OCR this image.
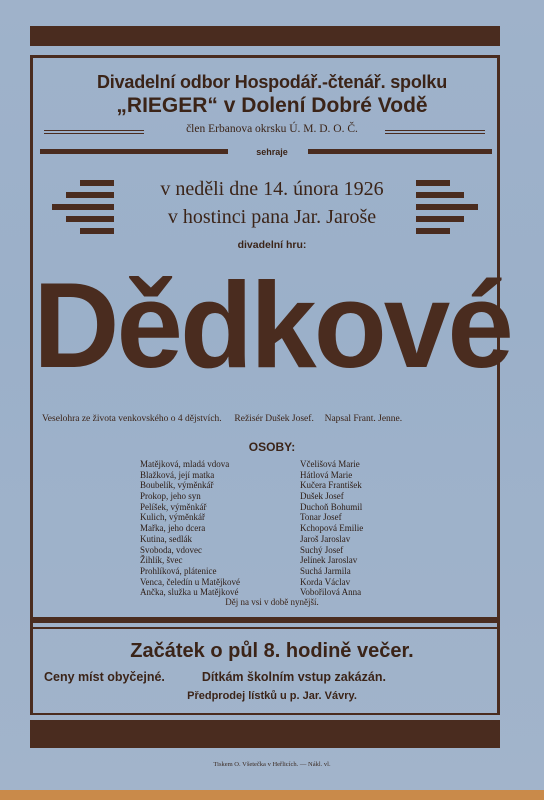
Divadelní odbor Hospodář.-čtenář. spolku
„RIEGER“ v Dolení Dobré Vodě
člen Erbanova okrsku Ú. M. D. O. Č.
sehraje
v neděli dne 14. února 1926
v hostinci pana Jar. Jaroše
divadelní hru:
Dědkové
Veselohra ze života venkovského o 4 dějstvích. Režisér Dušek Josef. Napsal Frant. Jenne.
OSOBY:
Matějková, mladá vdova	Včelišová Marie
Blažková, její matka	Hátlová Marie
Boubelík, výměnkář	Kučera František
Prokop, jeho syn	Dušek Josef
Pelíšek, výměnkář	Duchoň Bohumil
Kulich, výměnkář	Tonar Josef
Mařka, jeho dcera	Kchopová Emilie
Kutina, sedlák	Jaroš Jaroslav
Svoboda, vdovec	Suchý Josef
Žihlík, švec	Jelínek Jaroslav
Prohlíková, plátenice	Suchá Jarmila
Venca, čeledín u Matějkové	Korda Václav
Ančka, služka u Matějkové	Vobořilová Anna
Děj na vsi v době nynější.
Začátek o půl 8. hodině večer.
Ceny míst obyčejné.	Dítkám školním vstup zakázán.
Předprodej lístků u p. Jar. Vávry.
Tiskem O. Všetečka v Heřlicích. — Nákl. vl.
